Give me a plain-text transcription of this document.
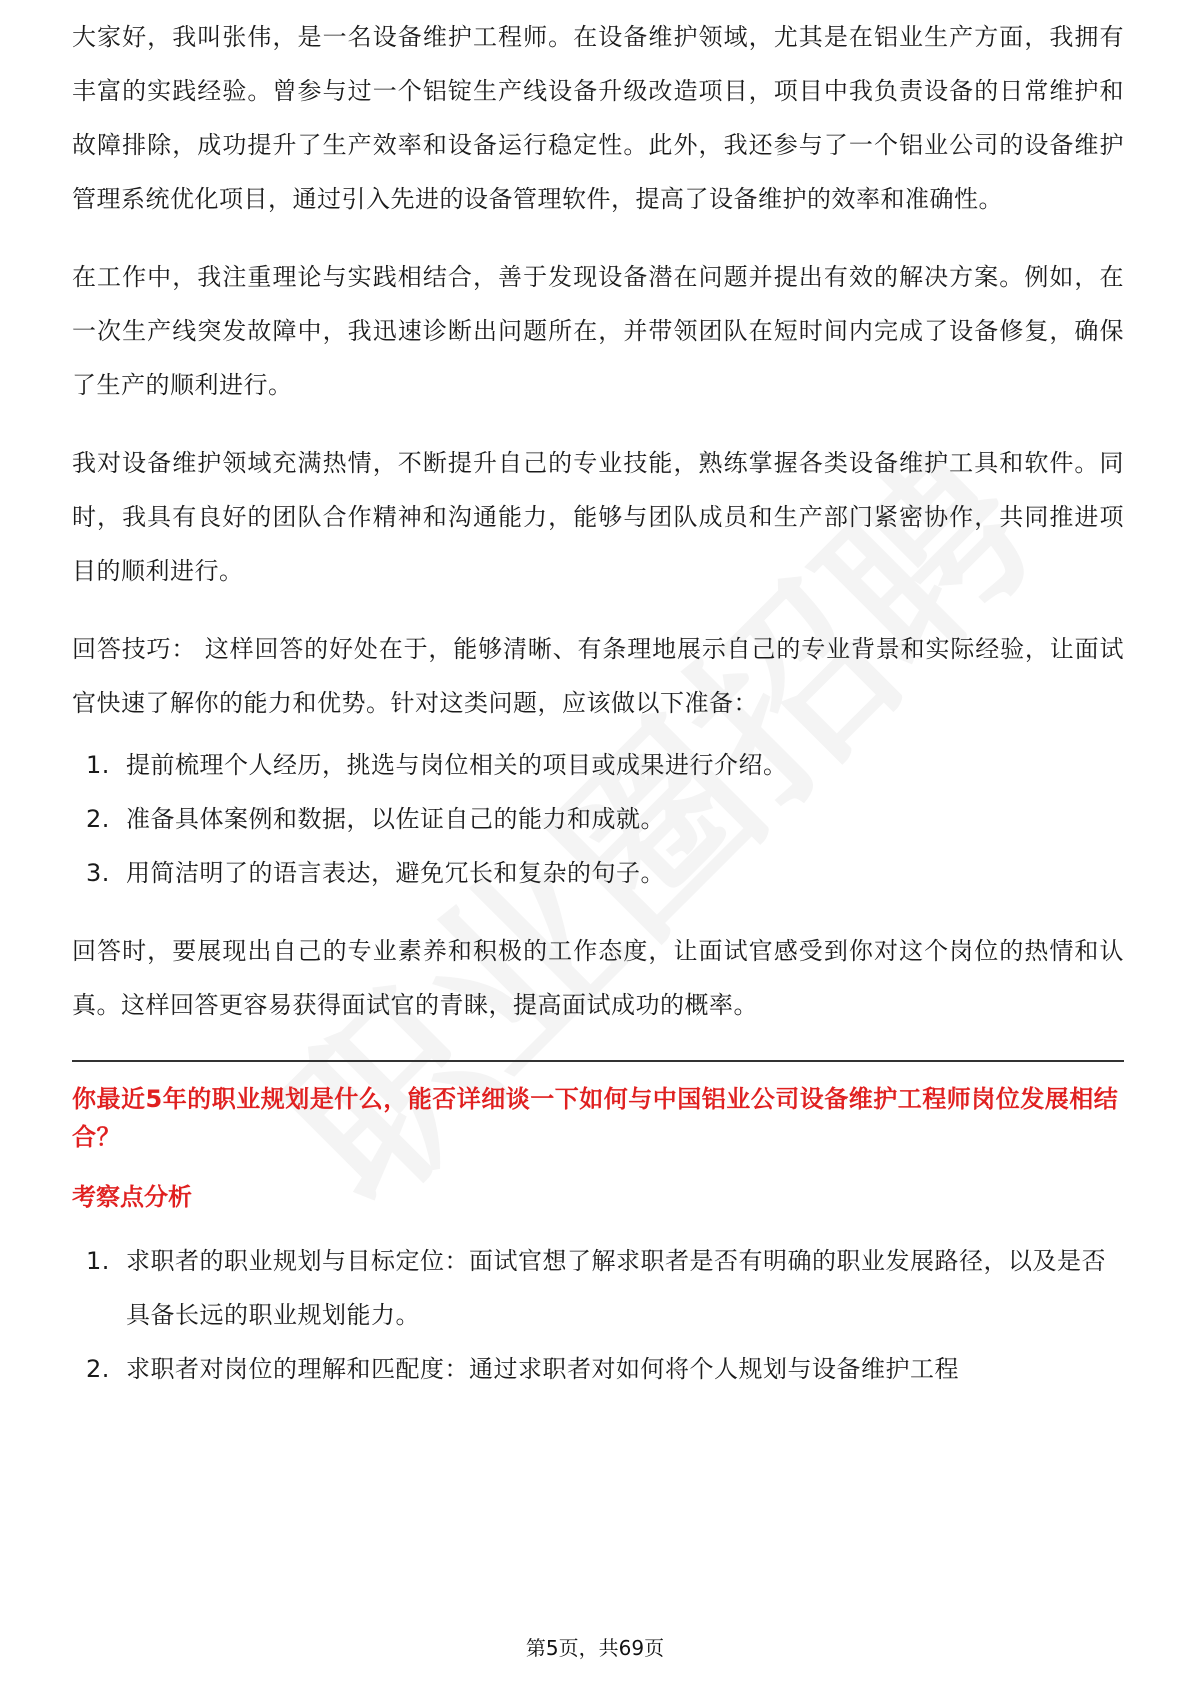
大家好，我叫张伟，是一名设备维护工程师。在设备维护领域，尤其是在铝业生产方面，我拥有丰富的实践经验。曾参与过一个铝锭生产线设备升级改造项目，项目中我负责设备的日常维护和故障排除，成功提升了生产效率和设备运行稳定性。此外，我还参与了一个铝业公司的设备维护管理系统优化项目，通过引入先进的设备管理软件，提高了设备维护的效率和准确性。

在工作中，我注重理论与实践相结合，善于发现设备潜在问题并提出有效的解决方案。例如，在一次生产线突发故障中，我迅速诊断出问题所在，并带领团队在短时间内完成了设备修复，确保了生产的顺利进行。

我对设备维护领域充满热情，不断提升自己的专业技能，熟练掌握各类设备维护工具和软件。同时，我具有良好的团队合作精神和沟通能力，能够与团队成员和生产部门紧密协作，共同推进项目的顺利进行。

回答技巧： 这样回答的好处在于，能够清晰、有条理地展示自己的专业背景和实际经验，让面试官快速了解你的能力和优势。针对这类问题，应该做以下准备：

1. 提前梳理个人经历，挑选与岗位相关的项目或成果进行介绍。
2. 准备具体案例和数据，以佐证自己的能力和成就。
3. 用简洁明了的语言表达，避免冗长和复杂的句子。

回答时，要展现出自己的专业素养和积极的工作态度，让面试官感受到你对这个岗位的热情和认真。这样回答更容易获得面试官的青睐，提高面试成功的概率。

你最近5年的职业规划是什么，能否详细谈一下如何与中国铝业公司设备维护工程师岗位发展相结合？
考察点分析
1. 求职者的职业规划与目标定位：面试官想了解求职者是否有明确的职业发展路径，以及是否具备长远的职业规划能力。
2. 求职者对岗位的理解和匹配度：通过求职者对如何将个人规划与设备维护工程
第5页，共69页
